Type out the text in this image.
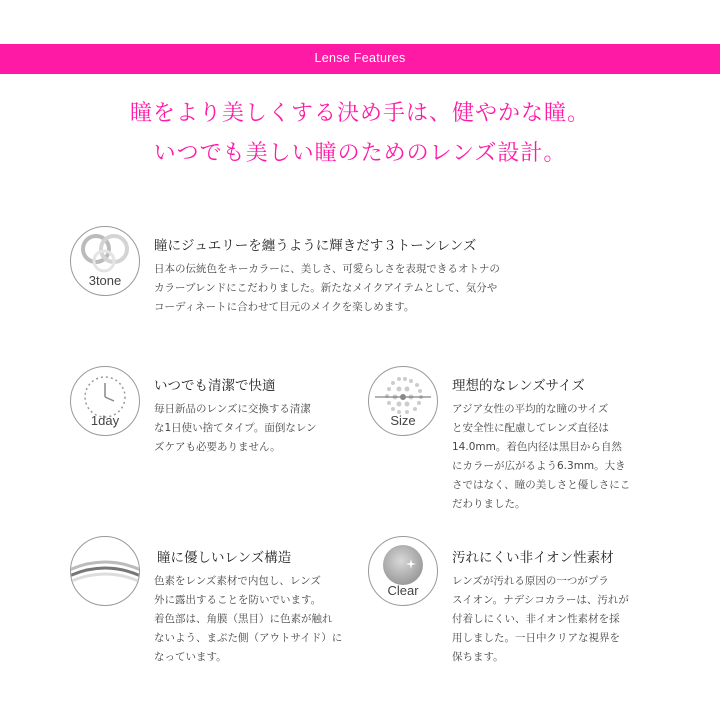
Lense Features
瞳をより美しくする決め手は、健やかな瞳。
いつでも美しい瞳のためのレンズ設計。
3tone
瞳にジュエリーを纏うように輝きだす３トーンレンズ
日本の伝統色をキーカラーに、美しさ、可愛らしさを表現できるオトナの
カラーブレンドにこだわりました。新たなメイクアイテムとして、気分や
コーディネートに合わせて目元のメイクを楽しめます。
1day
いつでも清潔で快適
毎日新品のレンズに交換する清潔
な1日使い捨てタイプ。面倒なレン
ズケアも必要ありません。
Size
理想的なレンズサイズ
アジア女性の平均的な瞳のサイズ
と安全性に配慮してレンズ直径は
14.0mm。着色内径は黒目から自然
にカラーが広がるよう6.3mm。大き
さではなく、瞳の美しさと優しさにこ
だわりました。
瞳に優しいレンズ構造
色素をレンズ素材で内包し、レンズ
外に露出することを防いでいます。
着色部は、角膜（黒目）に色素が触れ
ないよう、まぶた側（アウトサイド）に
なっています。
Clear
汚れにくい非イオン性素材
レンズが汚れる原因の一つがプラ
スイオン。ナデシコカラーは、汚れが
付着しにくい、非イオン性素材を採
用しました。一日中クリアな視界を
保ちます。
